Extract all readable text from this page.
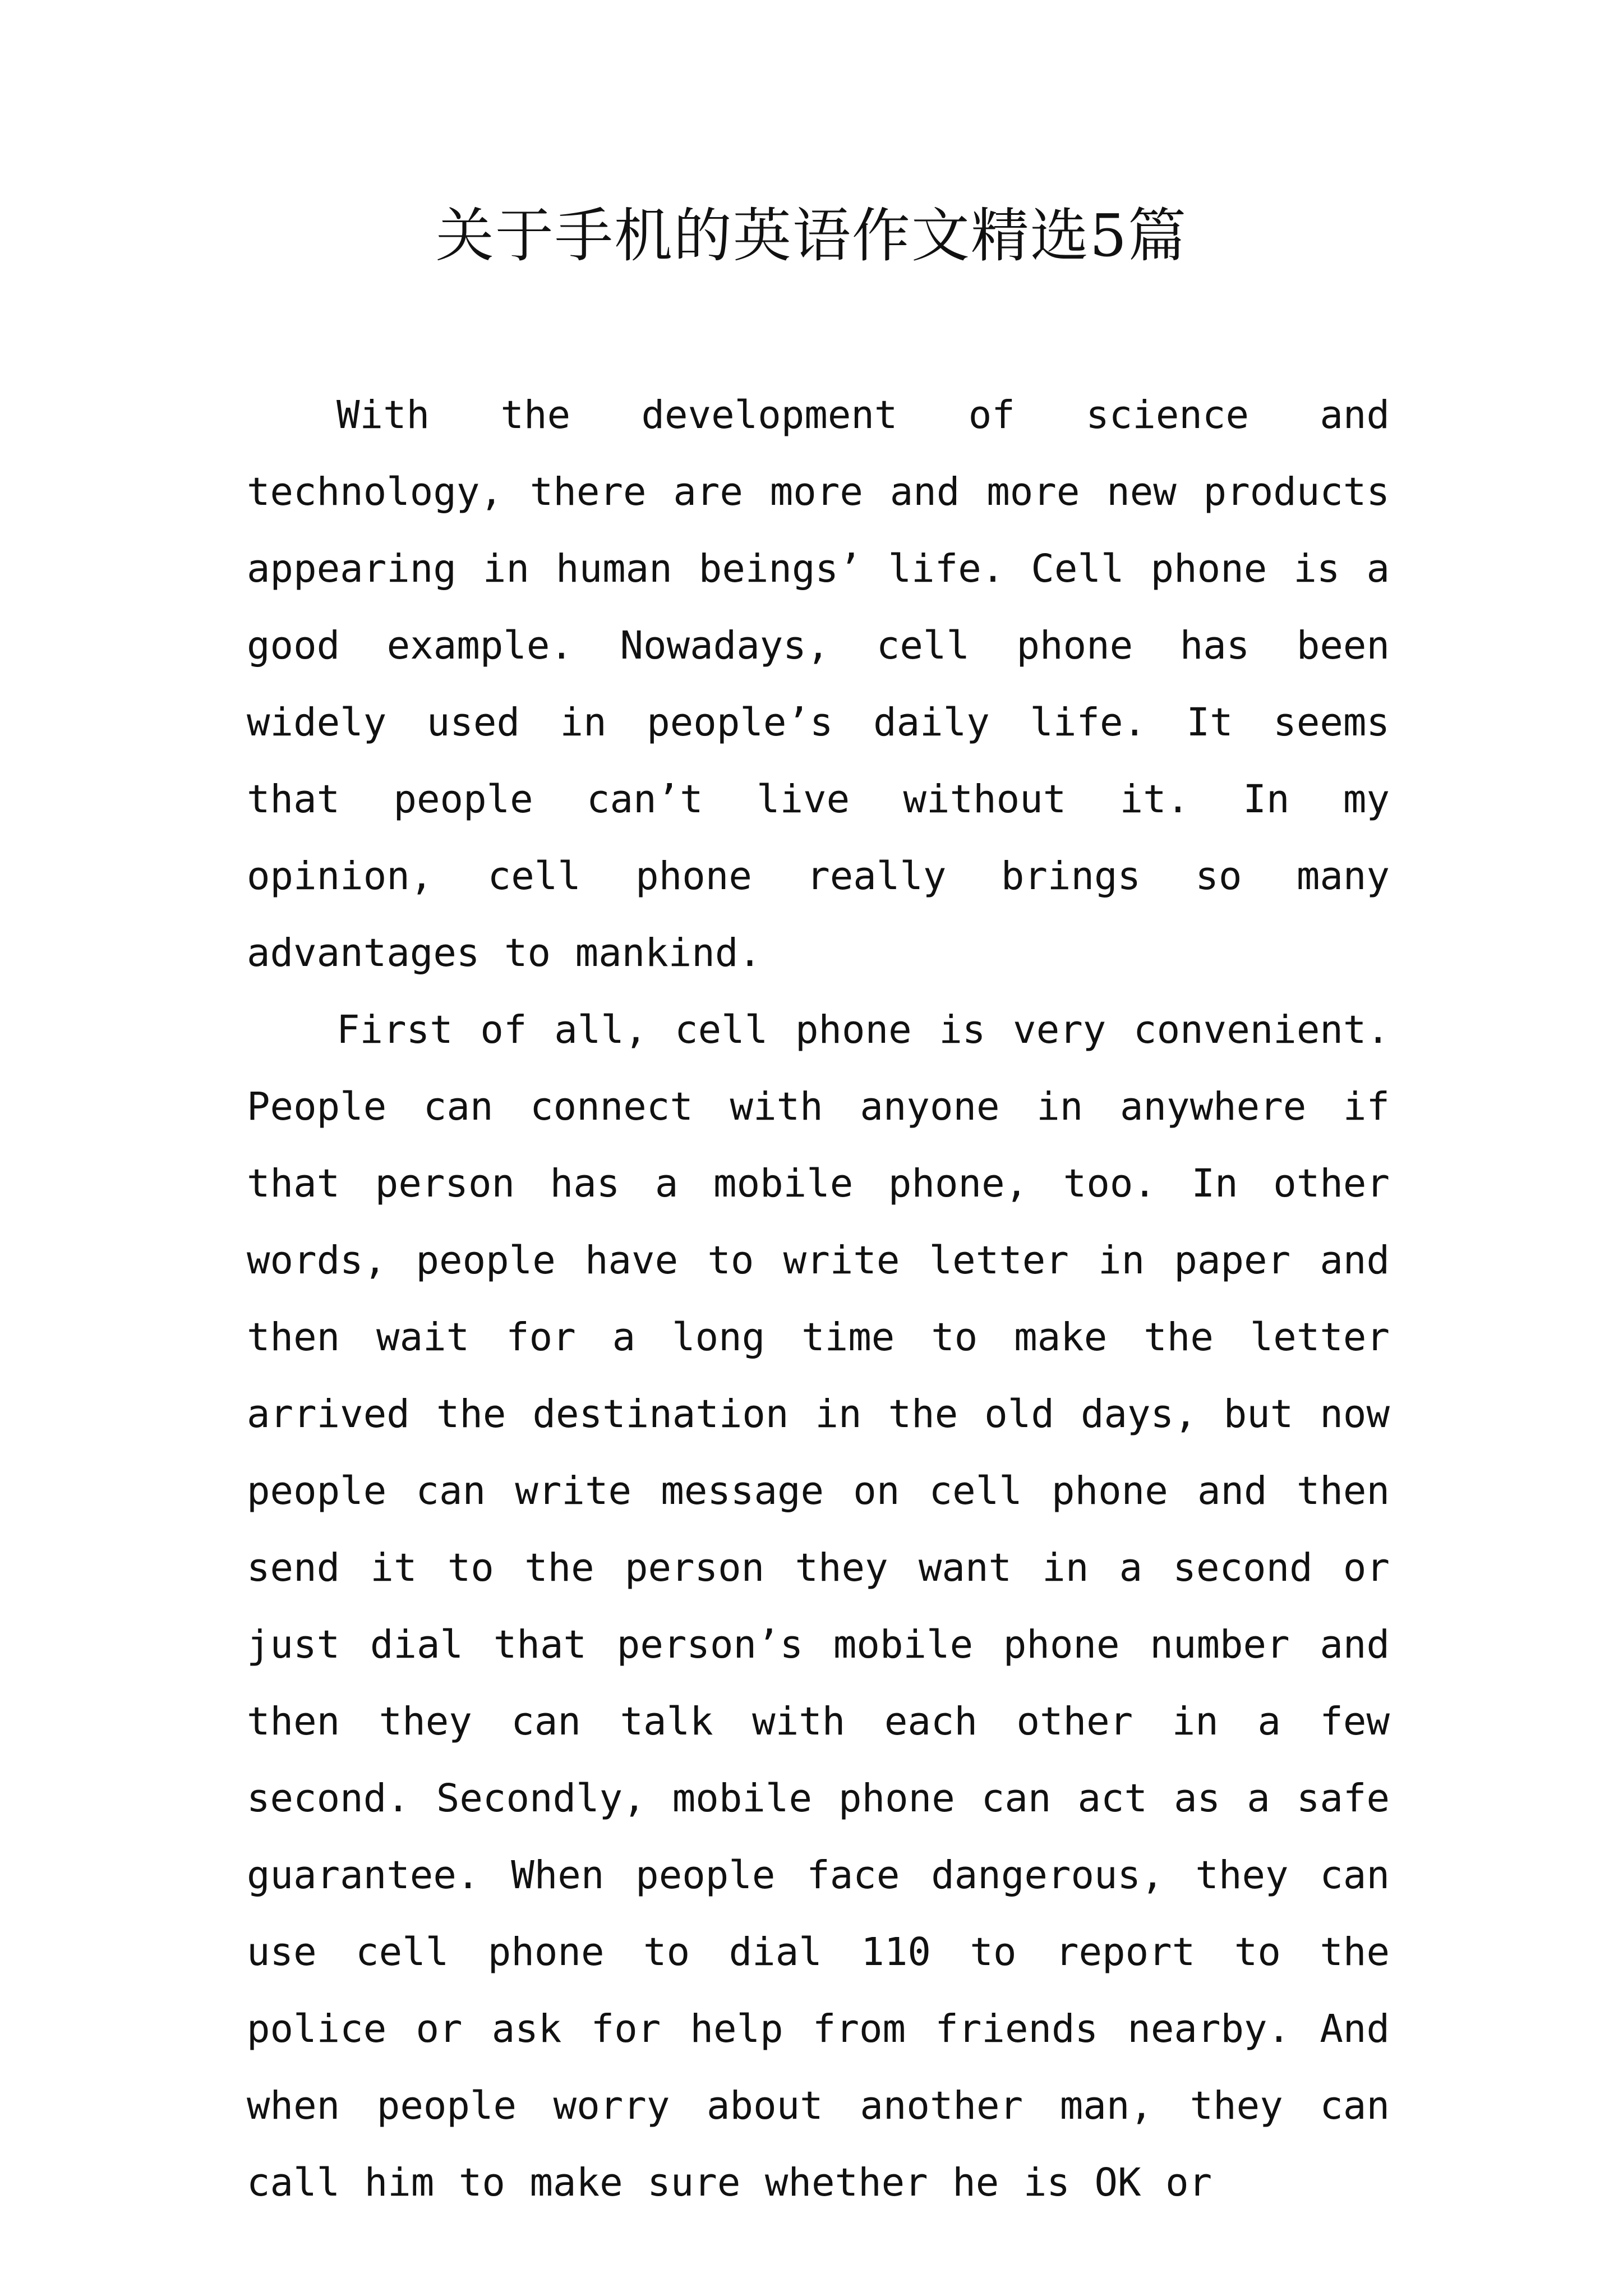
关于手机的英语作文精选5篇

With the development of science and technology, there are more and more new products appearing in human beings’ life. Cell phone is a good example. Nowadays, cell phone has been widely used in people’s daily life. It seems that people can’t live without it. In my opinion, cell phone really brings so many advantages to mankind.

First of all, cell phone is very convenient. People can connect with anyone in anywhere if that person has a mobile phone, too. In other words, people have to write letter in paper and then wait for a long time to make the letter arrived the destination in the old days, but now people can write message on cell phone and then send it to the person they want in a second or just dial that person’s mobile phone number and then they can talk with each other in a few second. Secondly, mobile phone can act as a safe guarantee. When people face dangerous, they can use cell phone to dial 110 to report to the police or ask for help from friends nearby. And when people worry about another man, they can call him to make sure whether he is OK or
